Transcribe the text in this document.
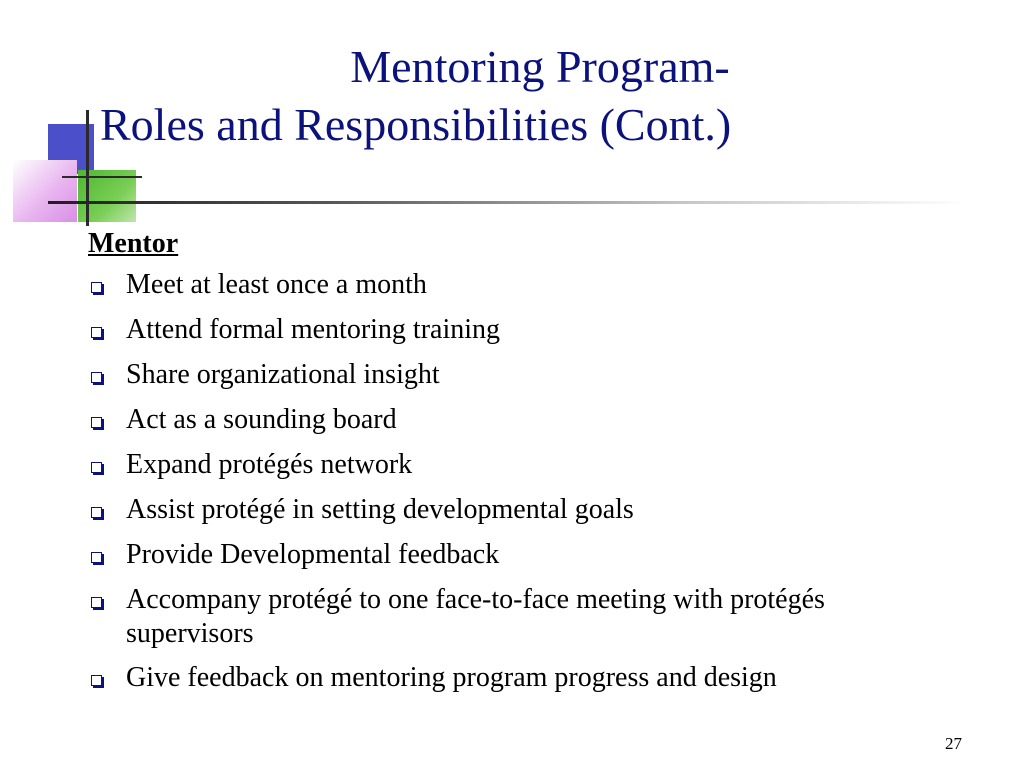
Mentoring Program-
Roles and Responsibilities (Cont.)
Mentor
Meet at least once a month
Attend formal mentoring training
Share organizational insight
Act as a sounding board
Expand protégés network
Assist protégé in setting developmental goals
Provide Developmental feedback
Accompany protégé to one face-to-face meeting with protégés supervisors
Give feedback on mentoring program progress and design
27
